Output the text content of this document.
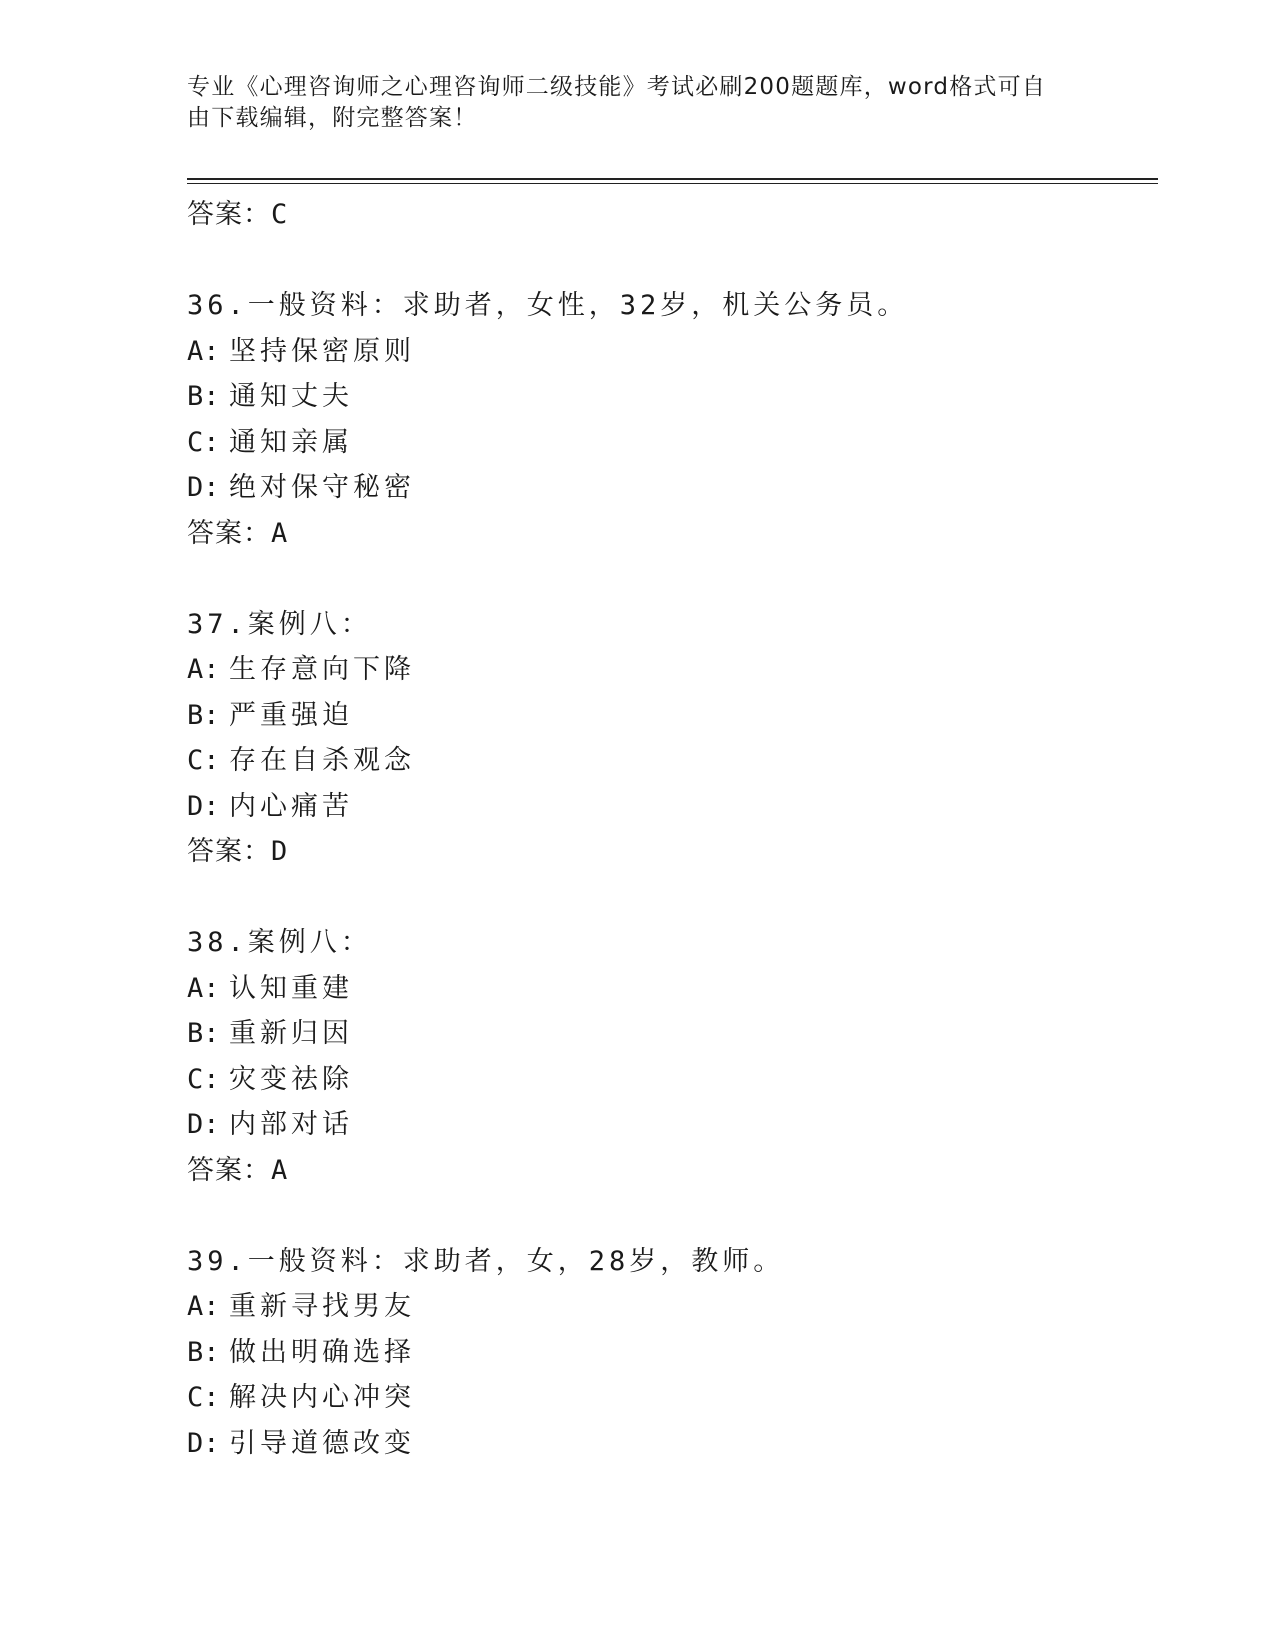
专业《心理咨询师之心理咨询师二级技能》考试必刷200题题库，word格式可自
由下载编辑，附完整答案！
答案：C
36.一般资料：求助者，女性，32岁，机关公务员。
A: 坚持保密原则
B: 通知丈夫
C: 通知亲属
D: 绝对保守秘密
答案：A
37.案例八：
A: 生存意向下降
B: 严重强迫
C: 存在自杀观念
D: 内心痛苦
答案：D
38.案例八：
A: 认知重建
B: 重新归因
C: 灾变祛除
D: 内部对话
答案：A
39.一般资料：求助者，女，28岁，教师。
A: 重新寻找男友
B: 做出明确选择
C: 解决内心冲突
D: 引导道德改变
